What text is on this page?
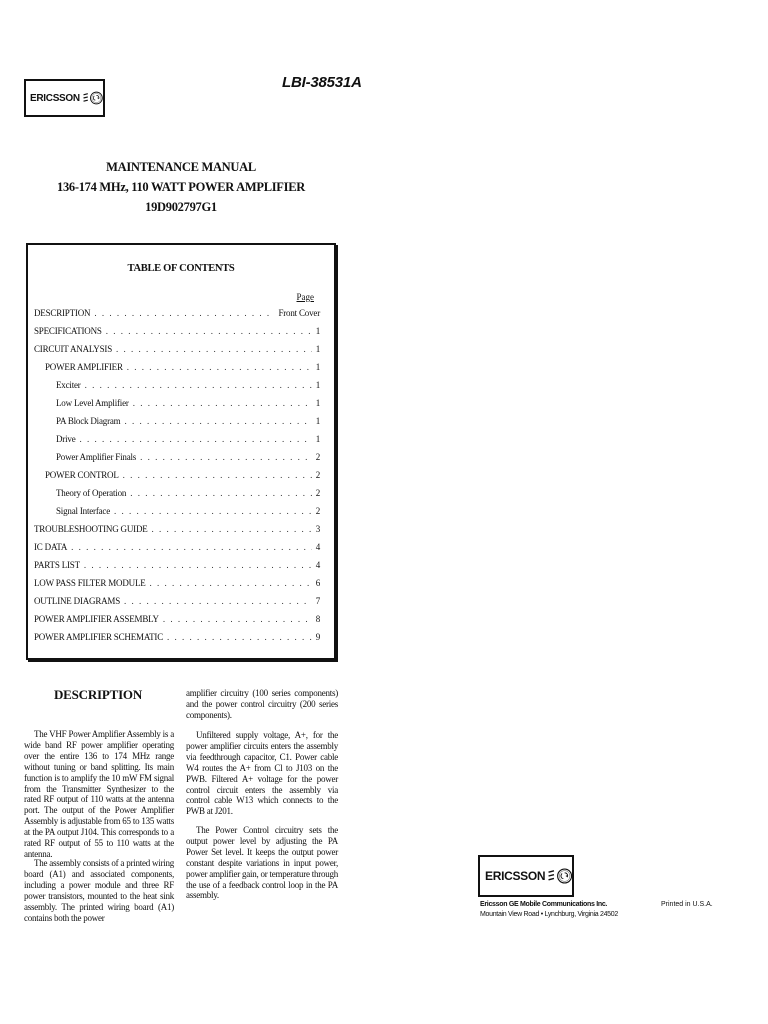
LBI-38531A
ERICSSON
MAINTENANCE MANUAL
136-174 MHz, 110 WATT POWER AMPLIFIER
19D902797G1
TABLE OF CONTENTS
Page
DESCRIPTION . . .	Front Cover
SPECIFICATIONS . . .	1
CIRCUIT ANALYSIS . . .	1
POWER AMPLIFIER . . .	1
Exciter . . .	1
Low Level Amplifier . . .	1
PA Block Diagram . . .	1
Drive . . .	1
Power Amplifier Finals . . .	2
POWER CONTROL . . .	2
Theory of Operation . . .	2
Signal Interface . . .	2
TROUBLESHOOTING GUIDE . . .	3
IC DATA . . .	4
PARTS LIST . . .	4
LOW PASS FILTER MODULE . . .	6
OUTLINE DIAGRAMS . . .	7
POWER AMPLIFIER ASSEMBLY . . .	8
POWER AMPLIFIER SCHEMATIC . . .	9
DESCRIPTION

The VHF Power Amplifier Assembly is a wide band RF power amplifier operating over the entire 136 to 174 MHz range without tuning or band splitting. Its main function is to amplify the 10 mW FM signal from the Transmitter Synthesizer to the rated RF output of 110 watts at the antenna port. The output of the Power Amplifier Assembly is adjustable from 65 to 135 watts at the PA output J104. This corresponds to a rated RF output of 55 to 110 watts at the antenna.

The assembly consists of a printed wiring board (A1) and associated components, including a power module and three RF power transistors, mounted to the heat sink assembly. The printed wiring board (A1) contains both the power

amplifier circuitry (100 series components) and the power control circuitry (200 series components).

Unfiltered supply voltage, A+, for the power amplifier circuits enters the assembly via feedthrough capacitor, C1. Power cable W4 routes the A+ from Cl to J103 on the PWB. Filtered A+ voltage for the power control circuit enters the assembly via control cable W13 which connects to the PWB at J201.

The Power Control circuitry sets the output power level by adjusting the PA Power Set level. It keeps the output power constant despite variations in input power, power amplifier gain, or temperature through the use of a feedback control loop in the PA assembly.

ERICSSON
Ericsson GE Mobile Communications Inc.
Mountain View Road • Lynchburg, Virginia 24502
Printed in U.S.A.
